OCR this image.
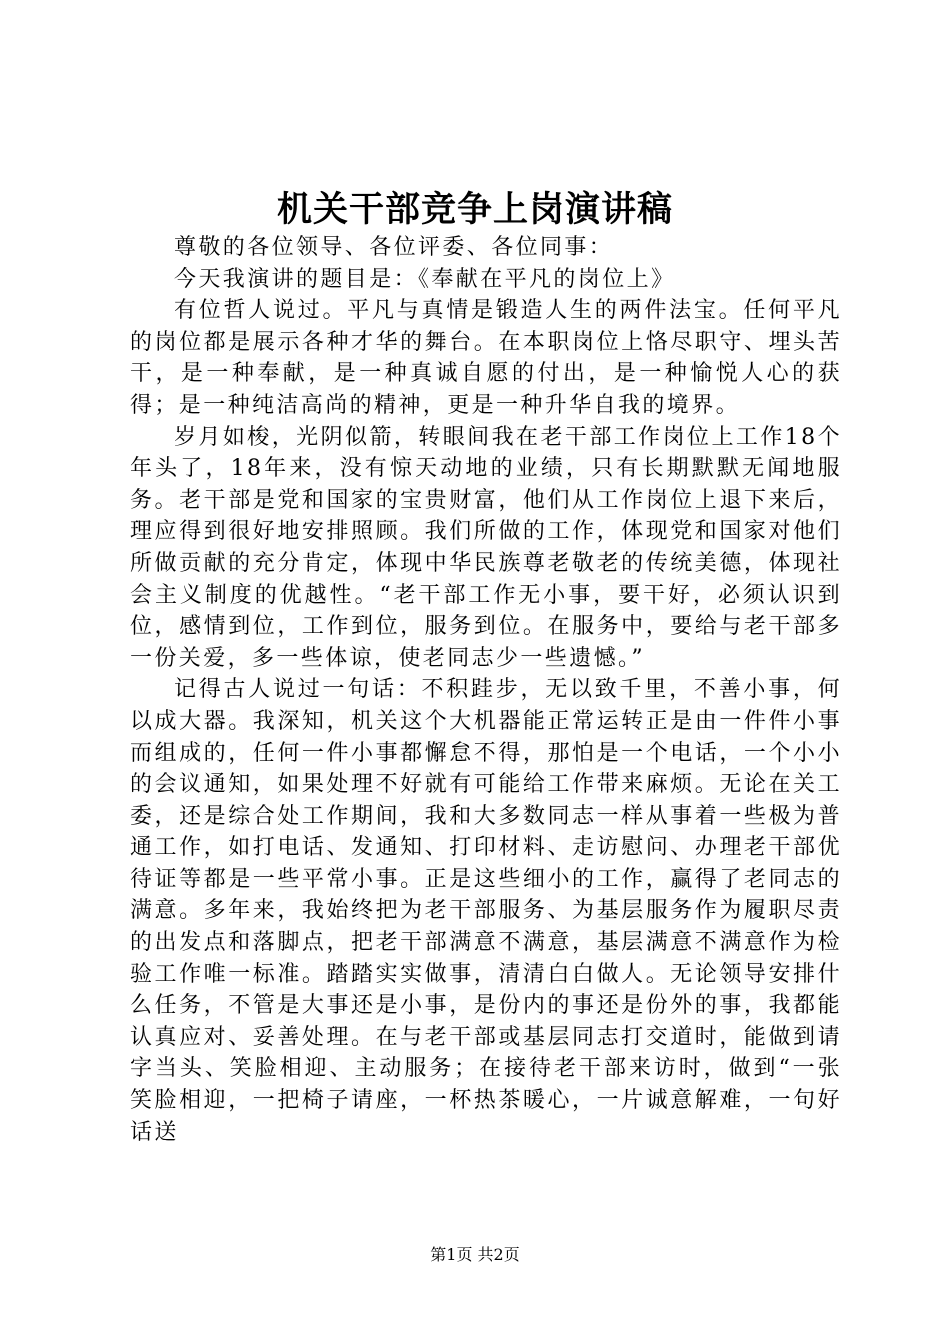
机关干部竞争上岗演讲稿

尊敬的各位领导、各位评委、各位同事：

今天我演讲的题目是：《奉献在平凡的岗位上》

有位哲人说过。平凡与真情是锻造人生的两件法宝。任何平凡的岗位都是展示各种才华的舞台。在本职岗位上恪尽职守、埋头苦干，是一种奉献，是一种真诚自愿的付出，是一种愉悦人心的获得；是一种纯洁高尚的精神，更是一种升华自我的境界。

岁月如梭，光阴似箭，转眼间我在老干部工作岗位上工作18个年头了，18年来，没有惊天动地的业绩，只有长期默默无闻地服务。老干部是党和国家的宝贵财富，他们从工作岗位上退下来后，理应得到很好地安排照顾。我们所做的工作，体现党和国家对他们所做贡献的充分肯定，体现中华民族尊老敬老的传统美德，体现社会主义制度的优越性。“老干部工作无小事，要干好，必须认识到位，感情到位，工作到位，服务到位。在服务中，要给与老干部多一份关爱，多一些体谅，使老同志少一些遗憾。”

记得古人说过一句话：不积跬步，无以致千里，不善小事，何以成大器。我深知，机关这个大机器能正常运转正是由一件件小事而组成的，任何一件小事都懈怠不得，那怕是一个电话，一个小小的会议通知，如果处理不好就有可能给工作带来麻烦。无论在关工委，还是综合处工作期间，我和大多数同志一样从事着一些极为普通工作，如打电话、发通知、打印材料、走访慰问、办理老干部优待证等都是一些平常小事。正是这些细小的工作，赢得了老同志的满意。多年来，我始终把为老干部服务、为基层服务作为履职尽责的出发点和落脚点，把老干部满意不满意，基层满意不满意作为检验工作唯一标准。踏踏实实做事，清清白白做人。无论领导安排什么任务，不管是大事还是小事，是份内的事还是份外的事，我都能认真应对、妥善处理。在与老干部或基层同志打交道时，能做到请字当头、笑脸相迎、主动服务；在接待老干部来访时，做到“一张笑脸相迎，一把椅子请座，一杯热茶暖心，一片诚意解难，一句好话送

第1页 共2页
